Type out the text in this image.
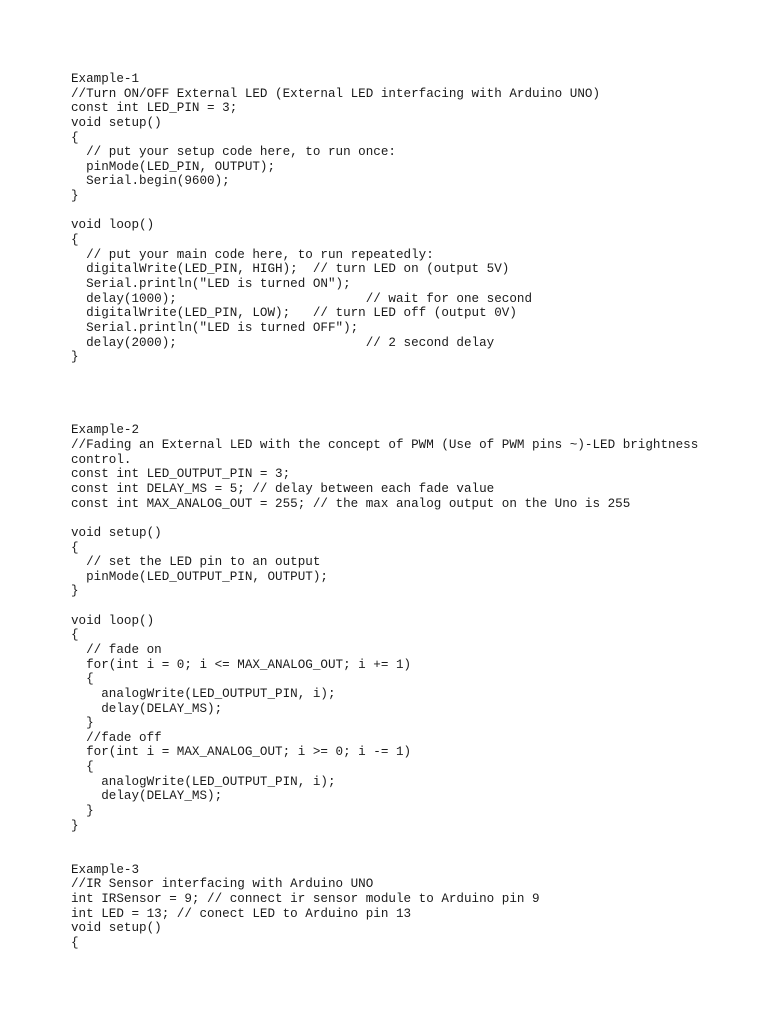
Example-1
//Turn ON/OFF External LED (External LED interfacing with Arduino UNO)
const int LED_PIN = 3;
void setup()
{
// put your setup code here, to run once:
pinMode(LED_PIN, OUTPUT);
Serial.begin(9600);
}
void loop()
{
// put your main code here, to run repeatedly:
digitalWrite(LED_PIN, HIGH);  // turn LED on (output 5V)
Serial.println("LED is turned ON");
delay(1000);                         // wait for one second
digitalWrite(LED_PIN, LOW);   // turn LED off (output 0V)
Serial.println("LED is turned OFF");
delay(2000);                         // 2 second delay
}
Example-2
//Fading an External LED with the concept of PWM (Use of PWM pins ~)-LED brightness
control.
const int LED_OUTPUT_PIN = 3;
const int DELAY_MS = 5; // delay between each fade value
const int MAX_ANALOG_OUT = 255; // the max analog output on the Uno is 255
void setup()
{
// set the LED pin to an output
pinMode(LED_OUTPUT_PIN, OUTPUT);
}
void loop()
{
// fade on
for(int i = 0; i <= MAX_ANALOG_OUT; i += 1)
{
analogWrite(LED_OUTPUT_PIN, i);
delay(DELAY_MS);
}
//fade off
for(int i = MAX_ANALOG_OUT; i >= 0; i -= 1)
{
analogWrite(LED_OUTPUT_PIN, i);
delay(DELAY_MS);
}
}
Example-3
//IR Sensor interfacing with Arduino UNO
int IRSensor = 9; // connect ir sensor module to Arduino pin 9
int LED = 13; // conect LED to Arduino pin 13
void setup()
{
